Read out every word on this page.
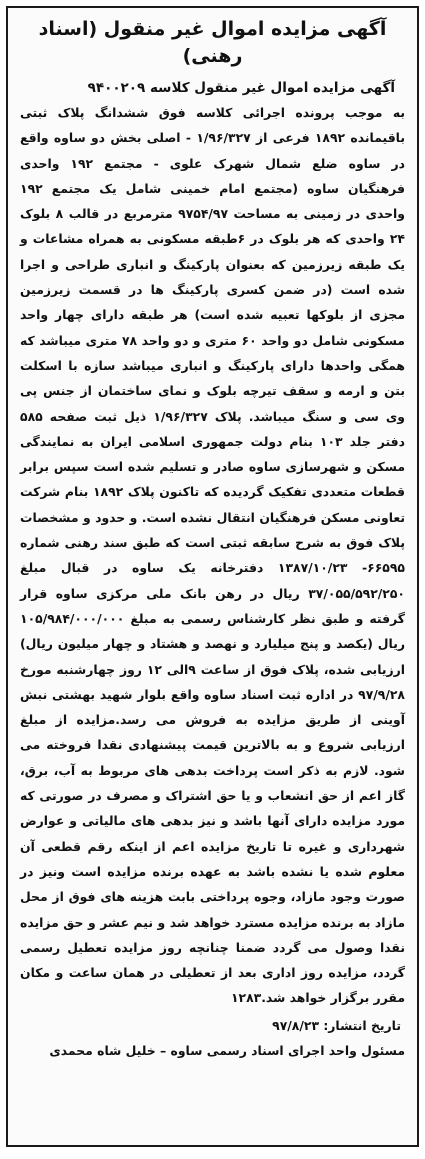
آگهی مزایده اموال غیر منقول (اسناد رهنی)
آگهی مزایده اموال غیر منقول کلاسه ۹۴۰۰۲۰۹
به موجب پرونده اجرائی کلاسه فوق ششدانگ پلاک ثبتی باقیمانده ۱۸۹۲ فرعی از ۱/۹۶/۳۲۷ - اصلی بخش دو ساوه واقع در ساوه ضلع شمال شهرک علوی - مجتمع ۱۹۲ واحدی فرهنگیان ساوه (مجتمع امام خمینی شامل یک مجتمع ۱۹۲ واحدی در زمینی به مساحت ۹۷۵۴/۹۷ مترمربع در قالب ۸ بلوک ۲۴ واحدی که هر بلوک در ۶طبقه مسکونی به همراه مشاعات و یک طبقه زیرزمین که بعنوان پارکینگ و انباری طراحی و اجرا شده است (در ضمن کسری پارکینگ ها در قسمت زیرزمین مجزی از بلوکها تعبیه شده است) هر طبقه دارای چهار واحد مسکونی شامل دو واحد ۶۰ متری و دو واحد ۷۸ متری میباشد که همگی واحدها دارای پارکینگ و انباری میباشد سازه با اسکلت بتن و ارمه و سقف تیرچه بلوک و نمای ساختمان از جنس پی وی سی و سنگ میباشد. پلاک ۱/۹۶/۳۲۷ ذیل ثبت صفحه ۵۸۵ دفتر جلد ۱۰۳ بنام دولت جمهوری اسلامی ایران به نمایندگی مسکن و شهرسازی ساوه صادر و تسلیم شده است سپس برابر قطعات متعددی تفکیک گردیده که تاکنون پلاک ۱۸۹۲ بنام شرکت تعاونی مسکن فرهنگیان انتقال نشده است. و حدود و مشخصات پلاک فوق به شرح سابقه ثبتی است که طبق سند رهنی شماره ۶۶۵۹۵- ۱۳۸۷/۱۰/۲۳ دفترخانه یک ساوه در قبال مبلغ ۳۷/۰۵۵/۵۹۲/۲۵۰ ریال در رهن بانک ملی مرکزی ساوه قرار گرفته و طبق نظر کارشناس رسمی به مبلغ ۱۰۵/۹۸۴/۰۰۰/۰۰۰ ریال (یکصد و پنج میلیارد و نهصد و هشتاد و چهار میلیون ریال) ارزیابی شده، پلاک فوق از ساعت ۹الی ۱۲ روز چهارشنبه مورخ ۹۷/۹/۲۸ در اداره ثبت اسناد ساوه واقع بلوار شهید بهشتی نبش آوینی از طریق مزایده به فروش می رسد.مزایده از مبلغ ارزیابی شروع و به بالاترین قیمت پیشنهادی نقدا فروخته می شود. لازم به ذکر است پرداخت بدهی های مربوط به آب، برق، گاز اعم از حق انشعاب و یا حق اشتراک و مصرف در صورتی که مورد مزایده دارای آنها باشد و نیز بدهی های مالیاتی و عوارض شهرداری و غیره تا تاریخ مزایده اعم از اینکه رقم قطعی آن معلوم شده یا نشده باشد به عهده برنده مزایده است ونیز در صورت وجود مازاد، وجوه پرداختی بابت هزینه های فوق از محل مازاد به برنده مزایده مسترد خواهد شد و نیم عشر و حق مزایده نقدا وصول می گردد ضمنا چنانچه روز مزایده تعطیل رسمی گردد، مزایده روز اداری بعد از تعطیلی در همان ساعت و مکان مقرر برگزار خواهد شد.۱۲۸۳
تاریخ انتشار: ۹۷/۸/۲۳
مسئول واحد اجرای اسناد رسمی ساوه – خلیل شاه محمدی
